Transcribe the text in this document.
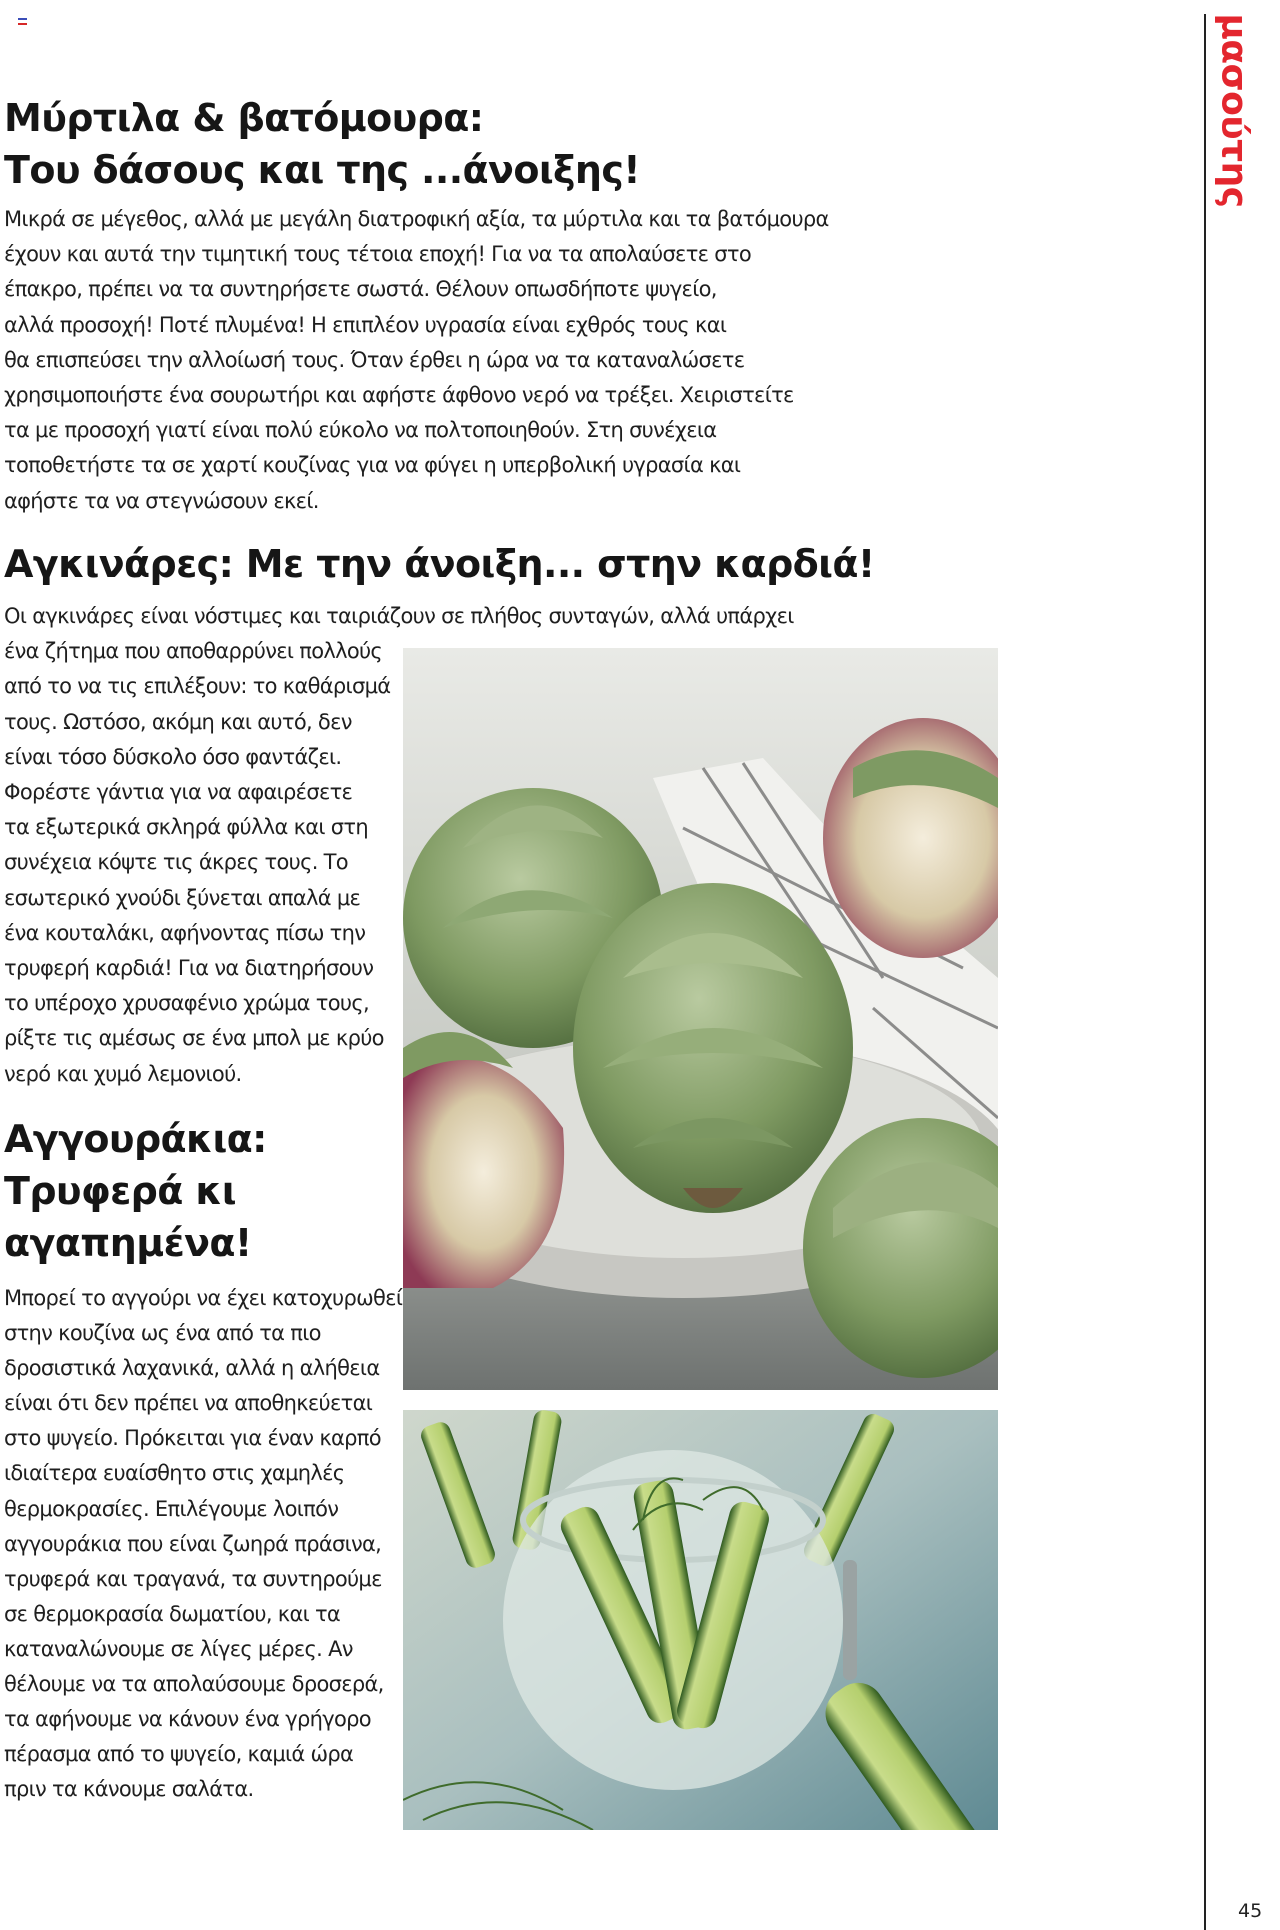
μασούτης
45
Μύρτιλα & βατόμουρα:
Του δάσους και της ...άνοιξης!
Μικρά σε μέγεθος, αλλά με μεγάλη διατροφική αξία, τα μύρτιλα και τα βατόμουρα
έχουν και αυτά την τιμητική τους τέτοια εποχή! Για να τα απολαύσετε στο
έπακρο, πρέπει να τα συντηρήσετε σωστά. Θέλουν οπωσδήποτε ψυγείο,
αλλά προσοχή! Ποτέ πλυμένα! Η επιπλέον υγρασία είναι εχθρός τους και
θα επισπεύσει την αλλοίωσή τους. Όταν έρθει η ώρα να τα καταναλώσετε
χρησιμοποιήστε ένα σουρωτήρι και αφήστε άφθονο νερό να τρέξει. Χειριστείτε
τα με προσοχή γιατί είναι πολύ εύκολο να πολτοποιηθούν. Στη συνέχεια
τοποθετήστε τα σε χαρτί κουζίνας για να φύγει η υπερβολική υγρασία και
αφήστε τα να στεγνώσουν εκεί.
Αγκινάρες: Με την άνοιξη... στην καρδιά!
Οι αγκινάρες είναι νόστιμες και ταιριάζουν σε πλήθος συνταγών, αλλά υπάρχει
ένα ζήτημα που αποθαρρύνει πολλούς
από το να τις επιλέξουν: το καθάρισμά
τους. Ωστόσο, ακόμη και αυτό, δεν
είναι τόσο δύσκολο όσο φαντάζει.
Φορέστε γάντια για να αφαιρέσετε
τα εξωτερικά σκληρά φύλλα και στη
συνέχεια κόψτε τις άκρες τους. Το
εσωτερικό χνούδι ξύνεται απαλά με
ένα κουταλάκι, αφήνοντας πίσω την
τρυφερή καρδιά! Για να διατηρήσουν
το υπέροχο χρυσαφένιο χρώμα τους,
ρίξτε τις αμέσως σε ένα μπολ με κρύο
νερό και χυμό λεμονιού.
Αγγουράκια:
Τρυφερά κι
αγαπημένα!
Μπορεί το αγγούρι να έχει κατοχυρωθεί
στην κουζίνα ως ένα από τα πιο
δροσιστικά λαχανικά, αλλά η αλήθεια
είναι ότι δεν πρέπει να αποθηκεύεται
στο ψυγείο. Πρόκειται για έναν καρπό
ιδιαίτερα ευαίσθητο στις χαμηλές
θερμοκρασίες. Επιλέγουμε λοιπόν
αγγουράκια που είναι ζωηρά πράσινα,
τρυφερά και τραγανά, τα συντηρούμε
σε θερμοκρασία δωματίου, και τα
καταναλώνουμε σε λίγες μέρες. Αν
θέλουμε να τα απολαύσουμε δροσερά,
τα αφήνουμε να κάνουν ένα γρήγορο
πέρασμα από το ψυγείο, καμιά ώρα
πριν τα κάνουμε σαλάτα.
